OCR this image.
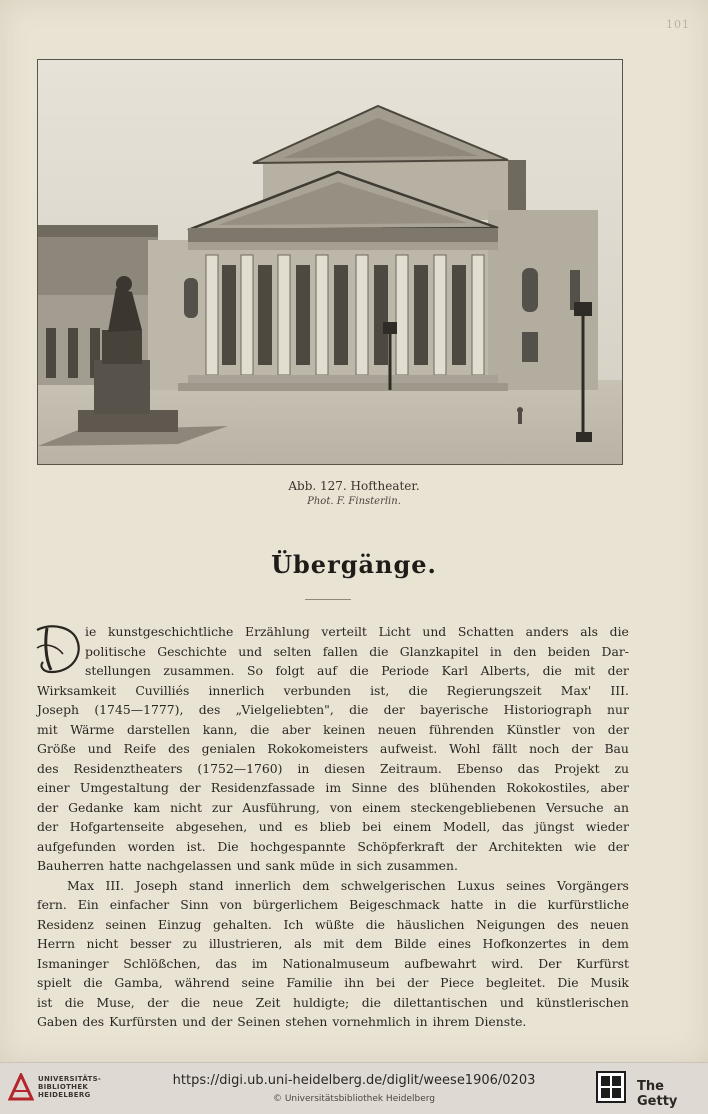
101
Abb. 127. Hoftheater.
Phot. F. Finsterlin.
Übergänge.
ie kunstgeschichtliche Erzählung verteilt Licht und Schatten anders als die
politische Geschichte und selten fallen die Glanzkapitel in den beiden Dar-
stellungen zusammen. So folgt auf die Periode Karl Alberts, die mit der
Wirksamkeit Cuvilliés innerlich verbunden ist, die Regierungszeit Max' III.
Joseph (1745—1777), des „Vielgeliebten", die der bayerische Historiograph nur
mit Wärme darstellen kann, die aber keinen neuen führenden Künstler von der
Größe und Reife des genialen Rokokomeisters aufweist. Wohl fällt noch der Bau
des Residenztheaters (1752—1760) in diesen Zeitraum. Ebenso das Projekt zu
einer Umgestaltung der Residenzfassade im Sinne des blühenden Rokokostiles, aber
der Gedanke kam nicht zur Ausführung, von einem steckengebliebenen Versuche an
der Hofgartenseite abgesehen, und es blieb bei einem Modell, das jüngst wieder
aufgefunden worden ist. Die hochgespannte Schöpferkraft der Architekten wie der
Bauherren hatte nachgelassen und sank müde in sich zusammen.
Max III. Joseph stand innerlich dem schwelgerischen Luxus seines Vorgängers
fern. Ein einfacher Sinn von bürgerlichem Beigeschmack hatte in die kurfürstliche
Residenz seinen Einzug gehalten. Ich wüßte die häuslichen Neigungen des neuen
Herrn nicht besser zu illustrieren, als mit dem Bilde eines Hofkonzertes in dem
Ismaninger Schlößchen, das im Nationalmuseum aufbewahrt wird. Der Kurfürst
spielt die Gamba, während seine Familie ihn bei der Piece begleitet. Die Musik
ist die Muse, der die neue Zeit huldigte; die dilettantischen und künstlerischen
Gaben des Kurfürsten und der Seinen stehen vornehmlich in ihrem Dienste.
UNIVERSITÄTS-
BIBLIOTHEK
HEIDELBERG
https://digi.ub.uni-heidelberg.de/diglit/weese1906/0203
© Universitätsbibliothek Heidelberg
The Getty
